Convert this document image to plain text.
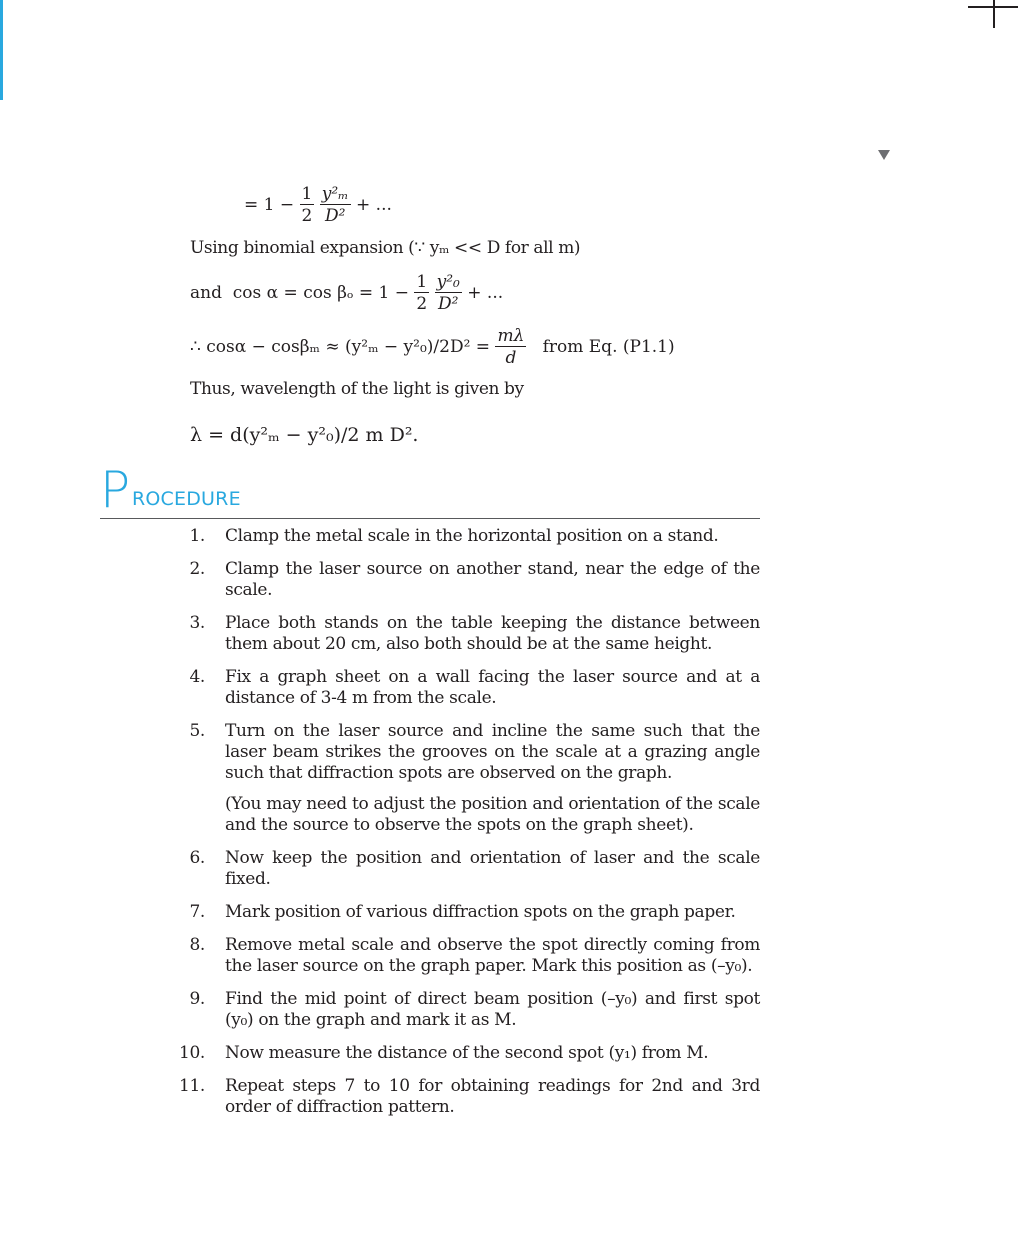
= $1 - \frac{1}{2}$
$\frac{\text{y²ₘ}}{\text{D²}}$ + ...
Using binomial expansion (∵ yₘ << D for all m)
and $\cos \alpha = \cos \beta_o = 1 - \frac{1}{2}$
$\frac{\text{y²₀}}{\text{D²}}$ + ...
∴ $\cos\alpha - \cos\beta_m \approx (y^2_m - y^2_0)/2D^2 = \frac{m\lambda}{d}$ from Eq. (P1.1)
Thus, wavelength of the light is given by
λ = d(y²ₘ − y²₀)/2 m D².
P ROCEDURE
1. Clamp the metal scale in the horizontal position on a stand.
2. Clamp the laser source on another stand, near the edge of the scale.
3. Place both stands on the table keeping the distance between them about 20 cm, also both should be at the same height.
4. Fix a graph sheet on a wall facing the laser source and at a distance of 3-4 m from the scale.
5. Turn on the laser source and incline the same such that the laser beam strikes the grooves on the scale at a grazing angle such that diffraction spots are observed on the graph.
(You may need to adjust the position and orientation of the scale and the source to observe the spots on the graph sheet).
6. Now keep the position and orientation of laser and the scale fixed.
7. Mark position of various diffraction spots on the graph paper.
8. Remove metal scale and observe the spot directly coming from the laser source on the graph paper. Mark this position as (–y₀).
9. Find the mid point of direct beam position (–y₀) and first spot (y₀) on the graph and mark it as M.
10. Now measure the distance of the second spot (y₁) from M.
11. Repeat steps 7 to 10 for obtaining readings for 2nd and 3rd order of diffraction pattern.
